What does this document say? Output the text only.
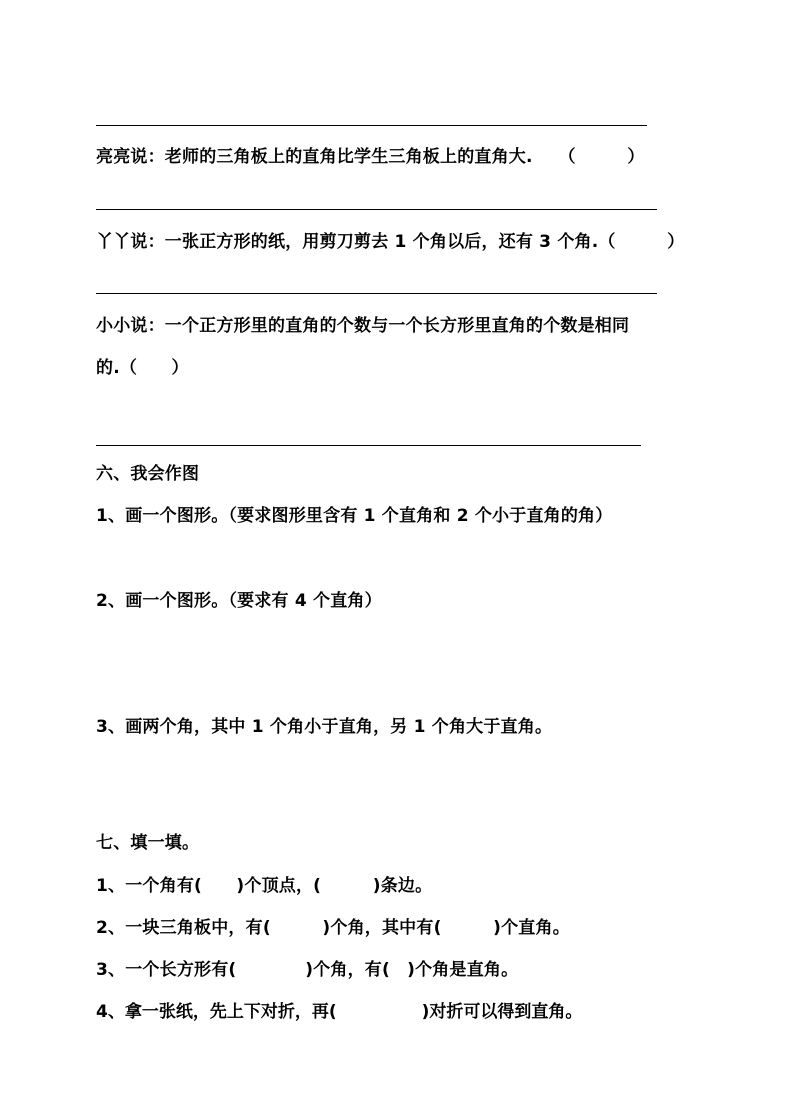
亮亮说：老师的三角板上的直角比学生三角板上的直角大.　　（　　　）
丫丫说：一张正方形的纸，用剪刀剪去 1 个角以后，还有 3 个角.（　　　）
小小说：一个正方形里的直角的个数与一个长方形里直角的个数是相同
的.（　　）
六、我会作图
1、画一个图形。（要求图形里含有 1 个直角和 2 个小于直角的角）
2、画一个图形。（要求有 4 个直角）
3、画两个角，其中 1 个角小于直角，另 1 个角大于直角。
七、填一填。
1、一个角有(　　)个顶点，(　　　)条边。
2、一块三角板中，有(　　　)个角，其中有(　　　)个直角。
3、一个长方形有(　　　　)个角，有(　)个角是直角。
4、拿一张纸，先上下对折，再(　　　　　)对折可以得到直角。
